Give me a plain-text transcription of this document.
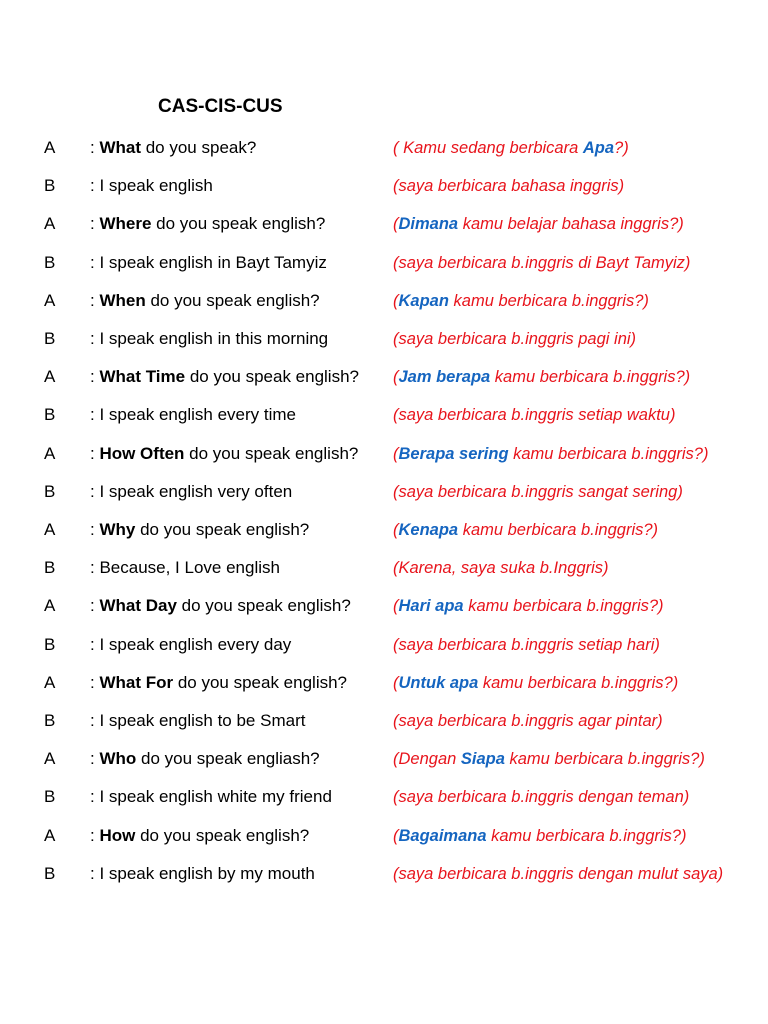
CAS-CIS-CUS
A : What do you speak?	( Kamu sedang berbicara Apa?)
B : I speak english	(saya berbicara bahasa inggris)
A : Where do you speak english?	(Dimana kamu belajar bahasa inggris?)
B : I speak english in Bayt Tamyiz	(saya berbicara b.inggris di Bayt Tamyiz)
A : When do you speak english?	(Kapan kamu berbicara b.inggris?)
B : I speak english in this morning	(saya berbicara b.inggris pagi ini)
A : What Time do you speak english?	(Jam berapa kamu berbicara b.inggris?)
B : I speak english every time	(saya berbicara b.inggris setiap waktu)
A : How Often do you speak english?	(Berapa sering kamu berbicara b.inggris?)
B : I speak english very often	(saya berbicara b.inggris sangat sering)
A : Why do you speak english?	(Kenapa kamu berbicara b.inggris?)
B : Because, I Love english	(Karena, saya suka b.Inggris)
A : What Day do you speak english?	(Hari apa kamu berbicara b.inggris?)
B : I speak english every day	(saya berbicara b.inggris setiap hari)
A : What For do you speak english?	(Untuk apa kamu berbicara b.inggris?)
B : I speak english to be Smart	(saya berbicara b.inggris agar pintar)
A : Who do you speak engliash?	(Dengan Siapa kamu berbicara b.inggris?)
B : I speak english white my friend	(saya berbicara b.inggris dengan teman)
A : How do you speak english?	(Bagaimana kamu berbicara b.inggris?)
B : I speak english by my mouth	(saya berbicara b.inggris dengan mulut saya)
